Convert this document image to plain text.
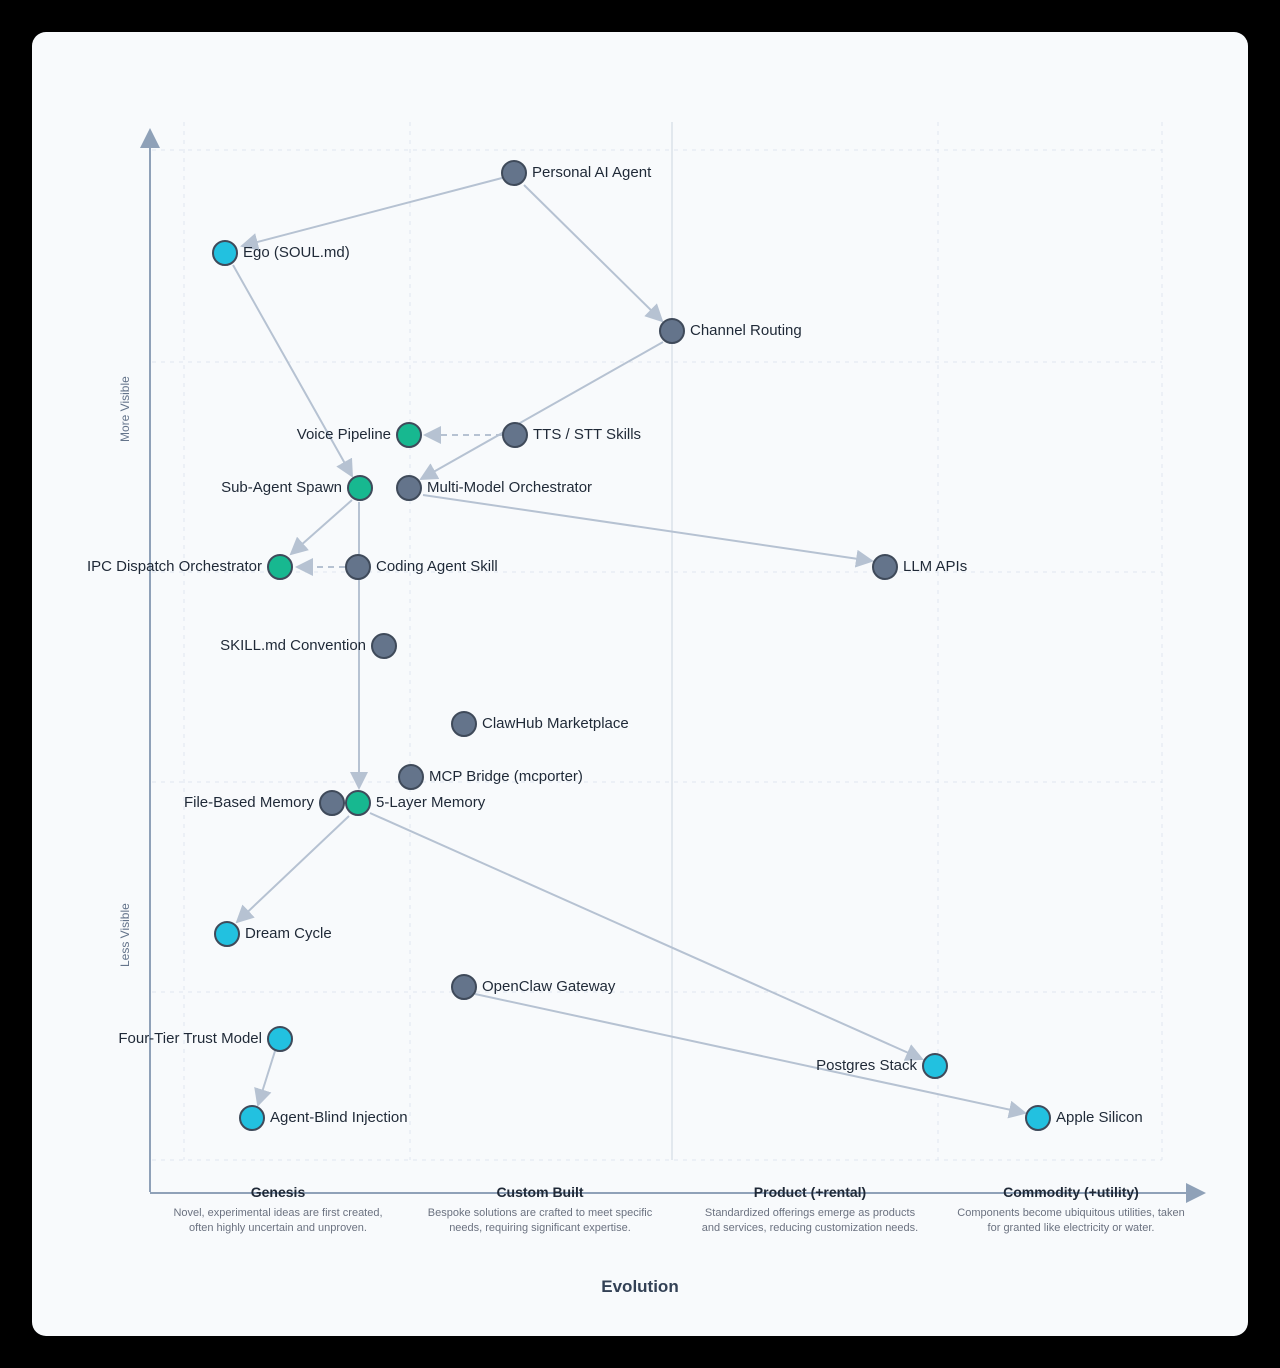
More Visible
Less Visible
Personal AI Agent
Ego (SOUL.md)
Channel Routing
Voice Pipeline	TTS / STT Skills
Sub-Agent Spawn	Multi-Model Orchestrator
IPC Dispatch Orchestrator	Coding Agent Skill	LLM APIs
SKILL.md Convention
ClawHub Marketplace
MCP Bridge (mcporter)
File-Based Memory	5-Layer Memory
Dream Cycle
OpenClaw Gateway
Four-Tier Trust Model
Postgres Stack
Agent-Blind Injection	Apple Silicon
Genesis
Novel, experimental ideas are first created, often highly uncertain and unproven.
Custom Built
Bespoke solutions are crafted to meet specific needs, requiring significant expertise.
Product (+rental)
Standardized offerings emerge as products and services, reducing customization needs.
Commodity (+utility)
Components become ubiquitous utilities, taken for granted like electricity or water.
Evolution
